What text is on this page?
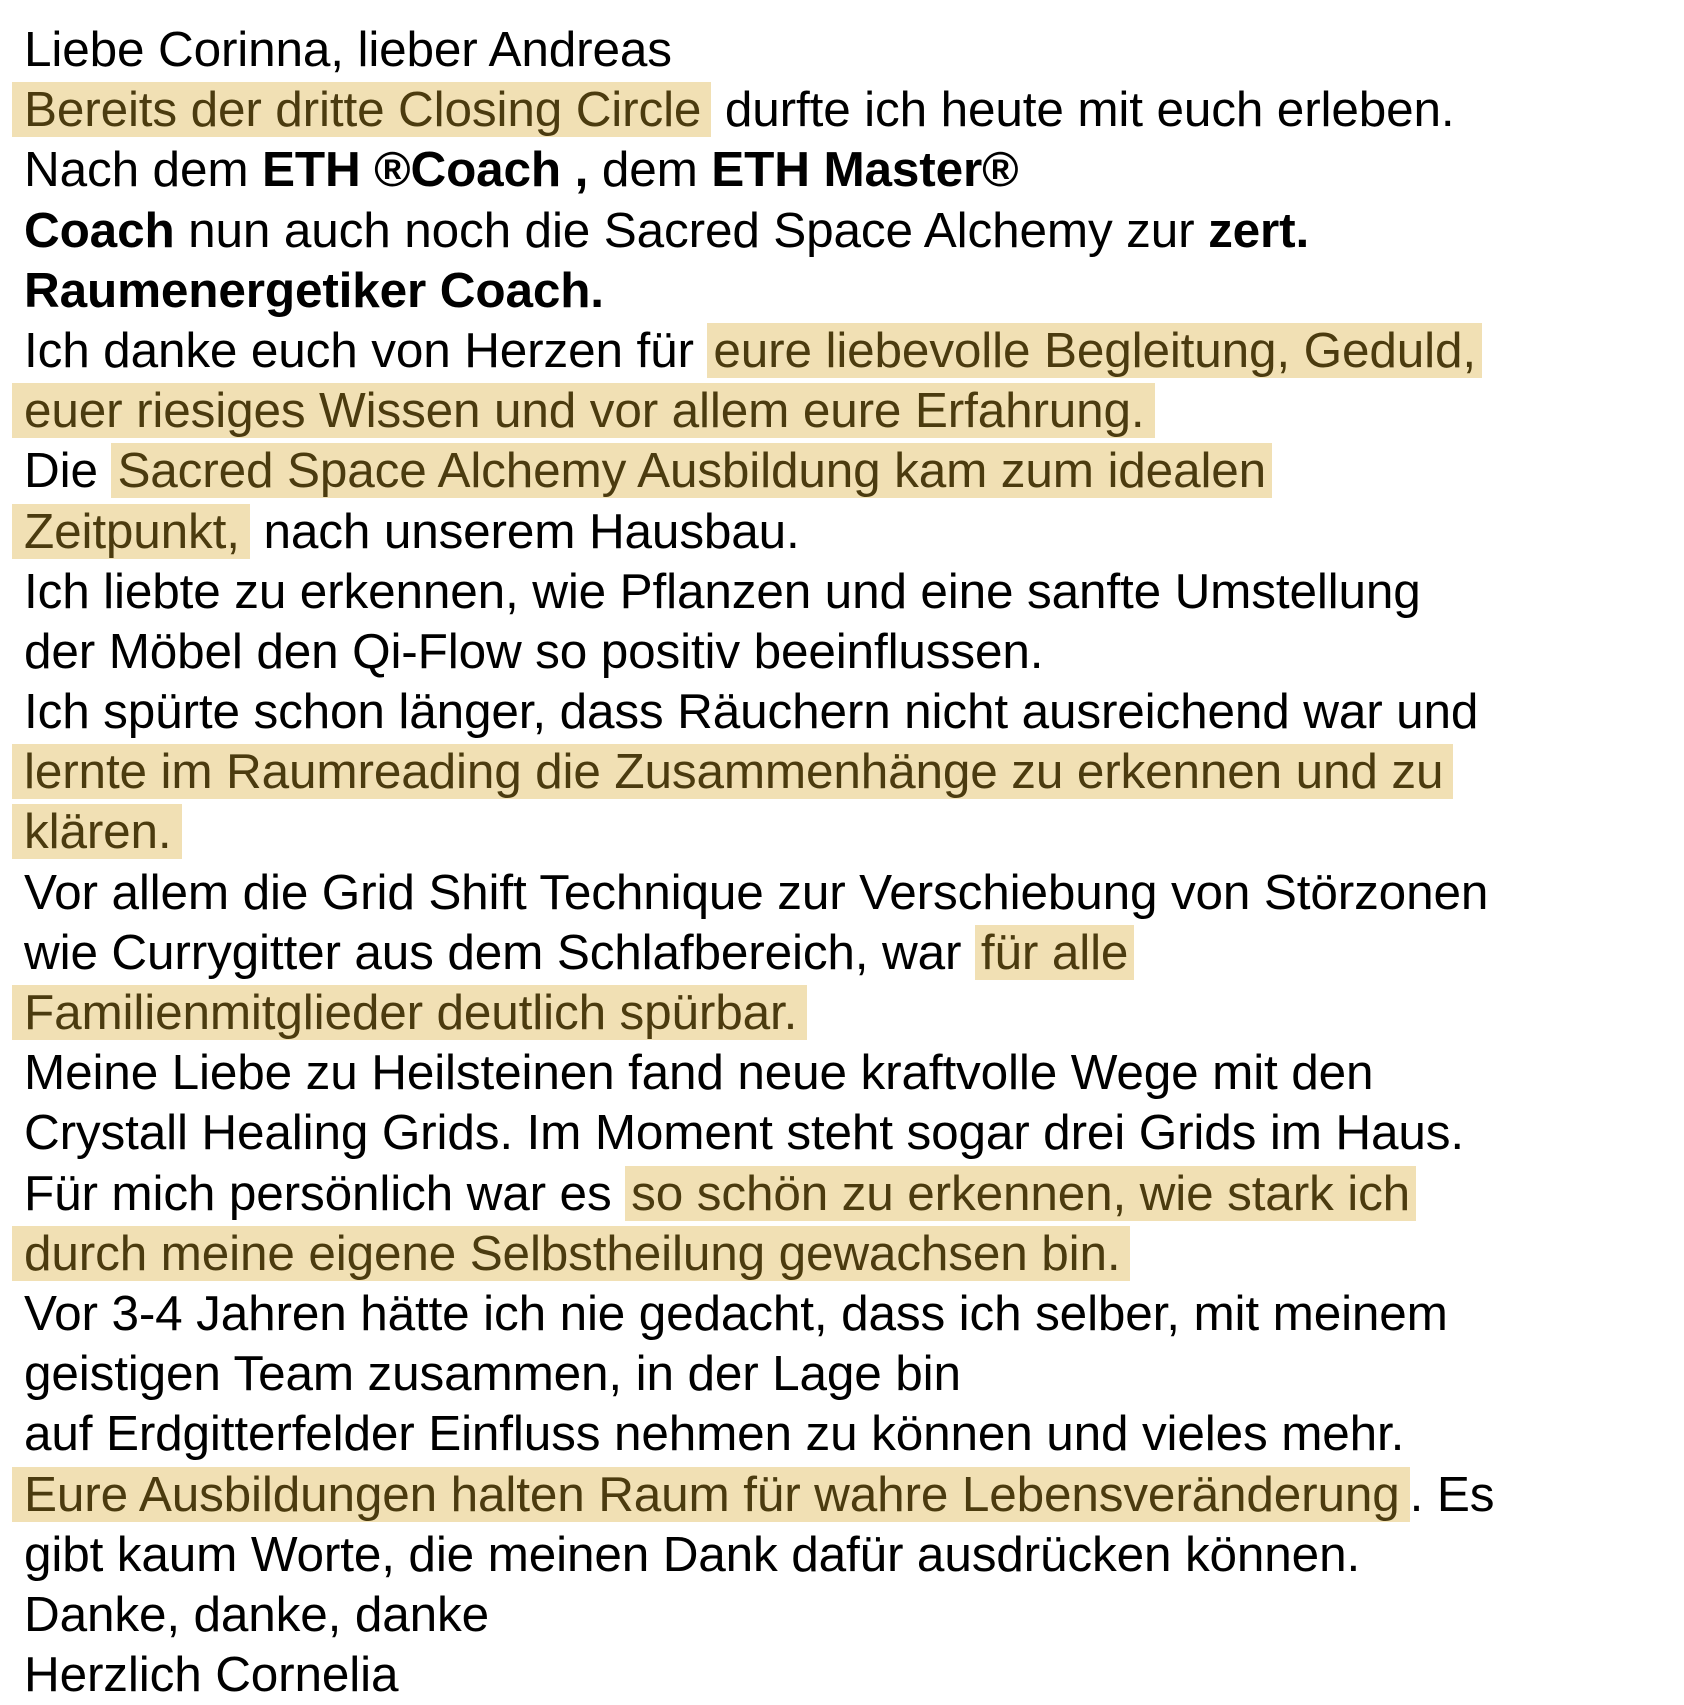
Liebe Corinna, lieber Andreas
Bereits der dritte Closing Circle durfte ich heute mit euch erleben.
Nach dem ETH ®Coach , dem ETH Master®
Coach nun auch noch die Sacred Space Alchemy zur zert.
Raumenergetiker Coach.
Ich danke euch von Herzen für eure liebevolle Begleitung, Geduld,
euer riesiges Wissen und vor allem eure Erfahrung.
Die Sacred Space Alchemy Ausbildung kam zum idealen
Zeitpunkt, nach unserem Hausbau.
Ich liebte zu erkennen, wie Pflanzen und eine sanfte Umstellung
der Möbel den Qi-Flow so positiv beeinflussen.
Ich spürte schon länger, dass Räuchern nicht ausreichend war und
lernte im Raumreading die Zusammenhänge zu erkennen und zu
klären.
Vor allem die Grid Shift Technique zur Verschiebung von Störzonen
wie Currygitter aus dem Schlafbereich, war für alle
Familienmitglieder deutlich spürbar.
Meine Liebe zu Heilsteinen fand neue kraftvolle Wege mit den
Crystall Healing Grids. Im Moment steht sogar drei Grids im Haus.
Für mich persönlich war es so schön zu erkennen, wie stark ich
durch meine eigene Selbstheilung gewachsen bin.
Vor 3-4 Jahren hätte ich nie gedacht, dass ich selber, mit meinem
geistigen Team zusammen, in der Lage bin
auf Erdgitterfelder Einfluss nehmen zu können und vieles mehr.
Eure Ausbildungen halten Raum für wahre Lebensveränderung . Es
gibt kaum Worte, die meinen Dank dafür ausdrücken können.
Danke, danke, danke
Herzlich Cornelia
